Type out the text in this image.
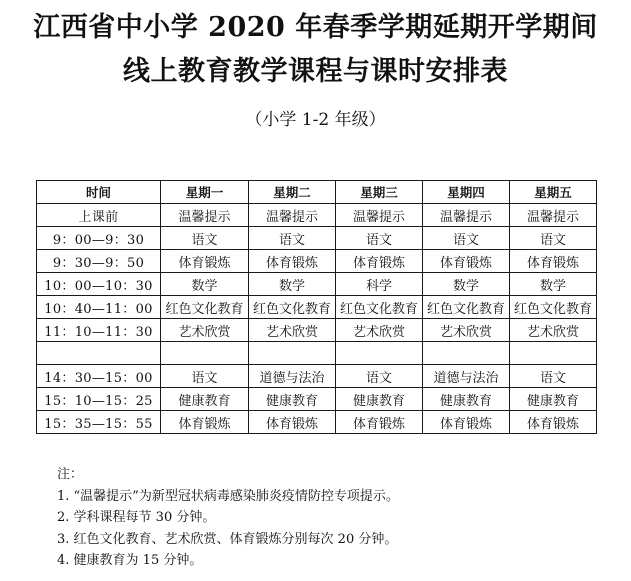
江西省中小学 2020 年春季学期延期开学期间
线上教育教学课程与课时安排表
（小学 1-2 年级）
时间	星期一	星期二	星期三	星期四	星期五
上课前	温馨提示	温馨提示	温馨提示	温馨提示	温馨提示
9：00—9：30	语文	语文	语文	语文	语文
9：30—9：50	体育锻炼	体育锻炼	体育锻炼	体育锻炼	体育锻炼
10：00—10：30	数学	数学	科学	数学	数学
10：40—11：00	红色文化教育	红色文化教育	红色文化教育	红色文化教育	红色文化教育
11：10—11：30	艺术欣赏	艺术欣赏	艺术欣赏	艺术欣赏	艺术欣赏

14：30—15：00	语文	道德与法治	语文	道德与法治	语文
15：10—15：25	健康教育	健康教育	健康教育	健康教育	健康教育
15：35—15：55	体育锻炼	体育锻炼	体育锻炼	体育锻炼	体育锻炼
注：
1. “温馨提示”为新型冠状病毒感染肺炎疫情防控专项提示。
2. 学科课程每节 30 分钟。
3. 红色文化教育、艺术欣赏、体育锻炼分别每次 20 分钟。
4. 健康教育为 15 分钟。
